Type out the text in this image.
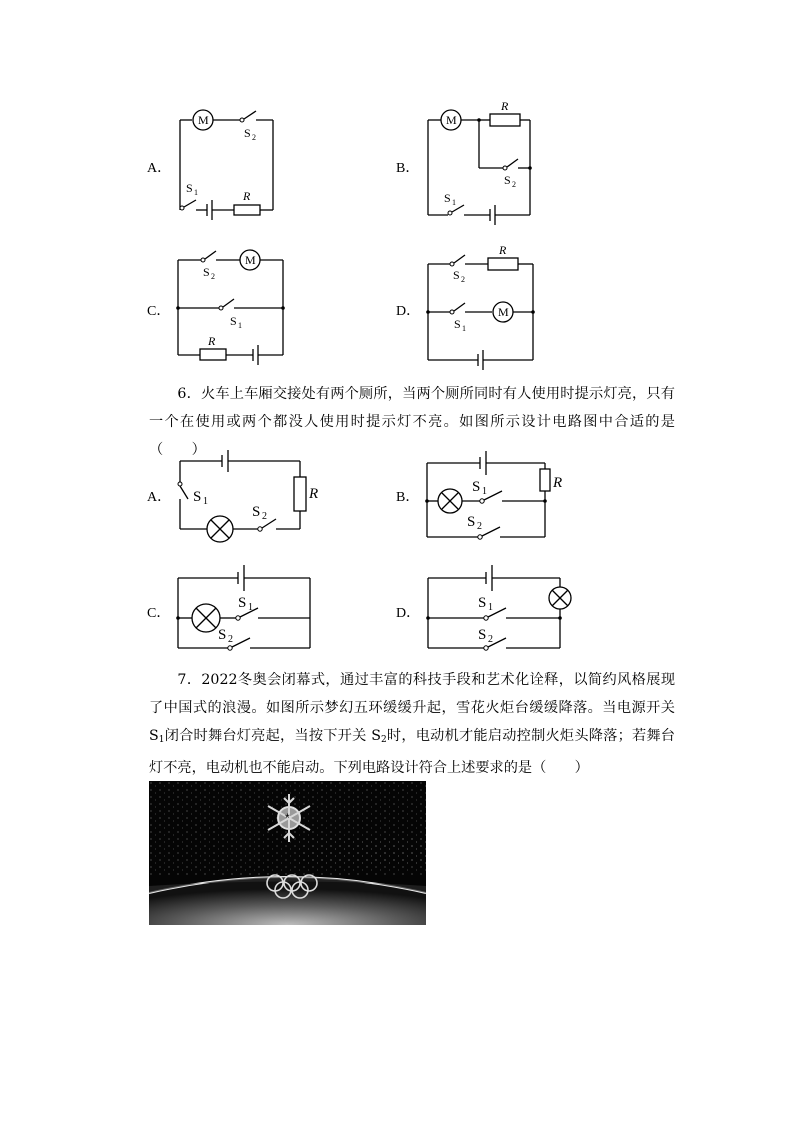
A．
M
S 2
S 1	R
B．
M
R
S 2
S 1
C．
M
S 2
S 1
R
D．
R
S 2
M
S 1
6．火车上车厢交接处有两个厕所，当两个厕所同时有人使用时提示灯亮，只有一个在使用或两个都没人使用时提示灯不亮。如图所示设计电路图中合适的是（　　）
A．	R
S 1
S 2
B．
R
S 1
S 2
C．
S 1
S 2
D．
S 1
S 2
7．2022冬奥会闭幕式，通过丰富的科技手段和艺术化诠释，以简约风格展现了中国式的浪漫。如图所示梦幻五环缓缓升起，雪花火炬台缓缓降落。当电源开关 $S_1$闭合时舞台灯亮起，当按下开关 $S_2$时，电动机才能启动控制火炬头降落；若舞台灯不亮，电动机也不能启动。下列电路设计符合上述要求的是（　　）
*
